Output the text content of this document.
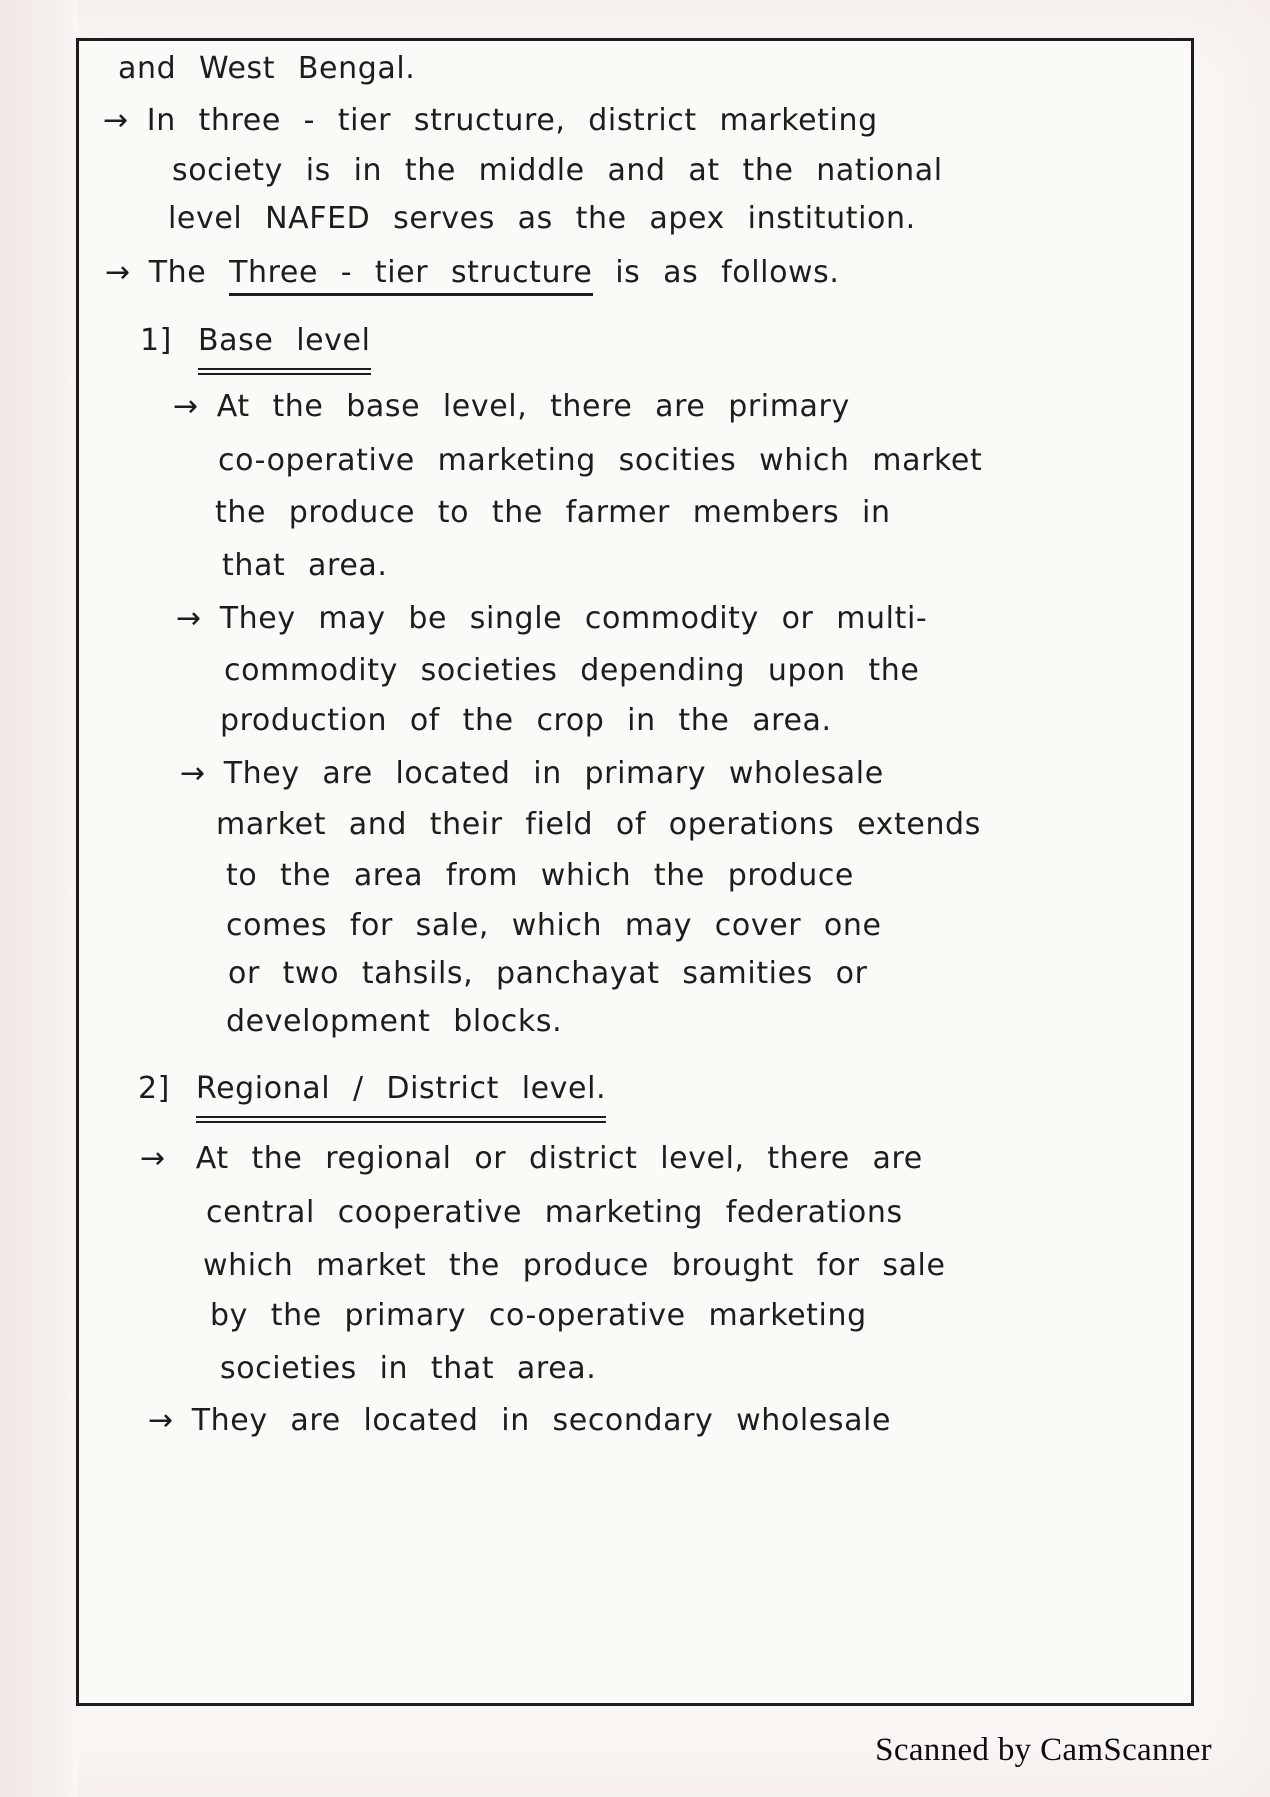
and West Bengal.
→ In three - tier structure, district marketing
society is in the middle and at the national
level NAFED serves as the apex institution.
→ The Three - tier structure is as follows.
1] Base level
→ At the base level, there are primary
co-operative marketing socities which market
the produce to the farmer members in
that area.
→ They may be single commodity or multi-
commodity societies depending upon the
production of the crop in the area.
→ They are located in primary wholesale
market and their field of operations extends
to the area from which the produce
comes for sale, which may cover one
or two tahsils, panchayat samities or
development blocks.
2] Regional / District level.
→ At the regional or district level, there are
central cooperative marketing federations
which market the produce brought for sale
by the primary co-operative marketing
societies in that area.
→ They are located in secondary wholesale
Scanned by CamScanner
